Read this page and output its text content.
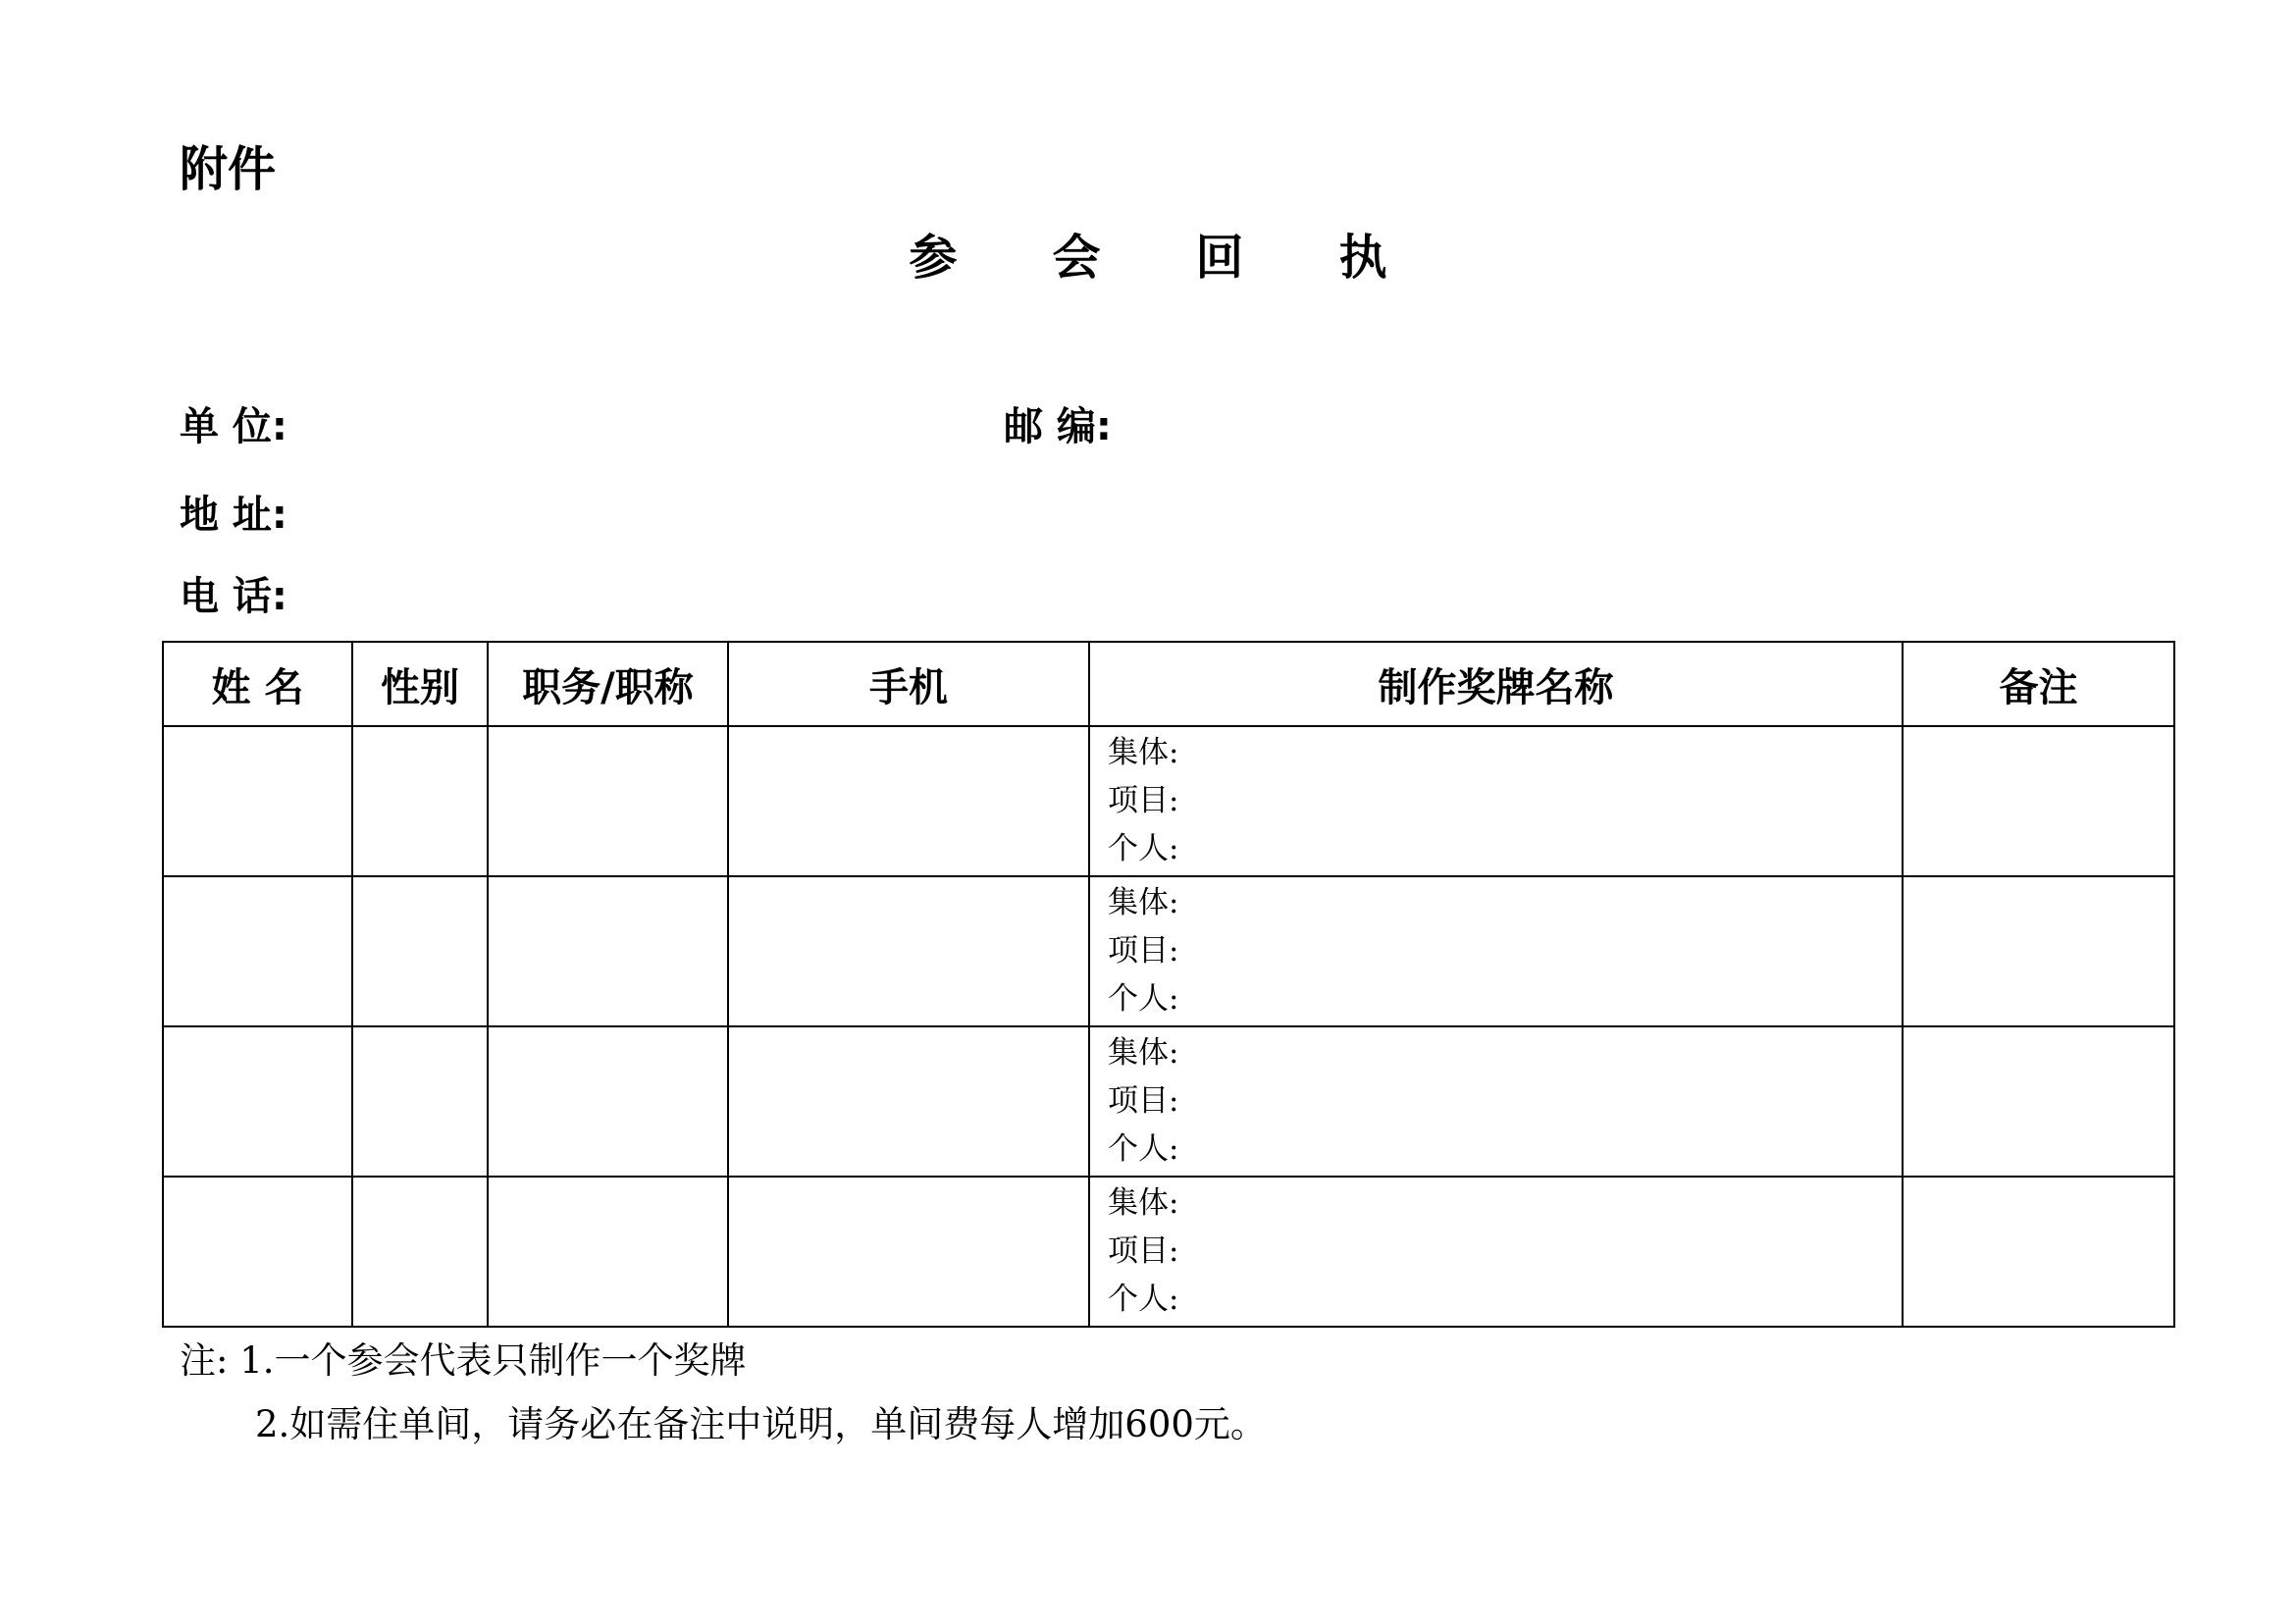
附件
参 会 回 执
单 位:	邮 编:
地 址:
电 话:
姓 名	性别	职务/职称	手机	制作奖牌名称	备注

				集体:
项目:
个人:	

				集体:
项目:
个人:	

				集体:
项目:
个人:	

				集体:
项目:
个人:	

注: 1.一个参会代表只制作一个奖牌
2.如需住单间，请务必在备注中说明，单间费每人增加600元。
